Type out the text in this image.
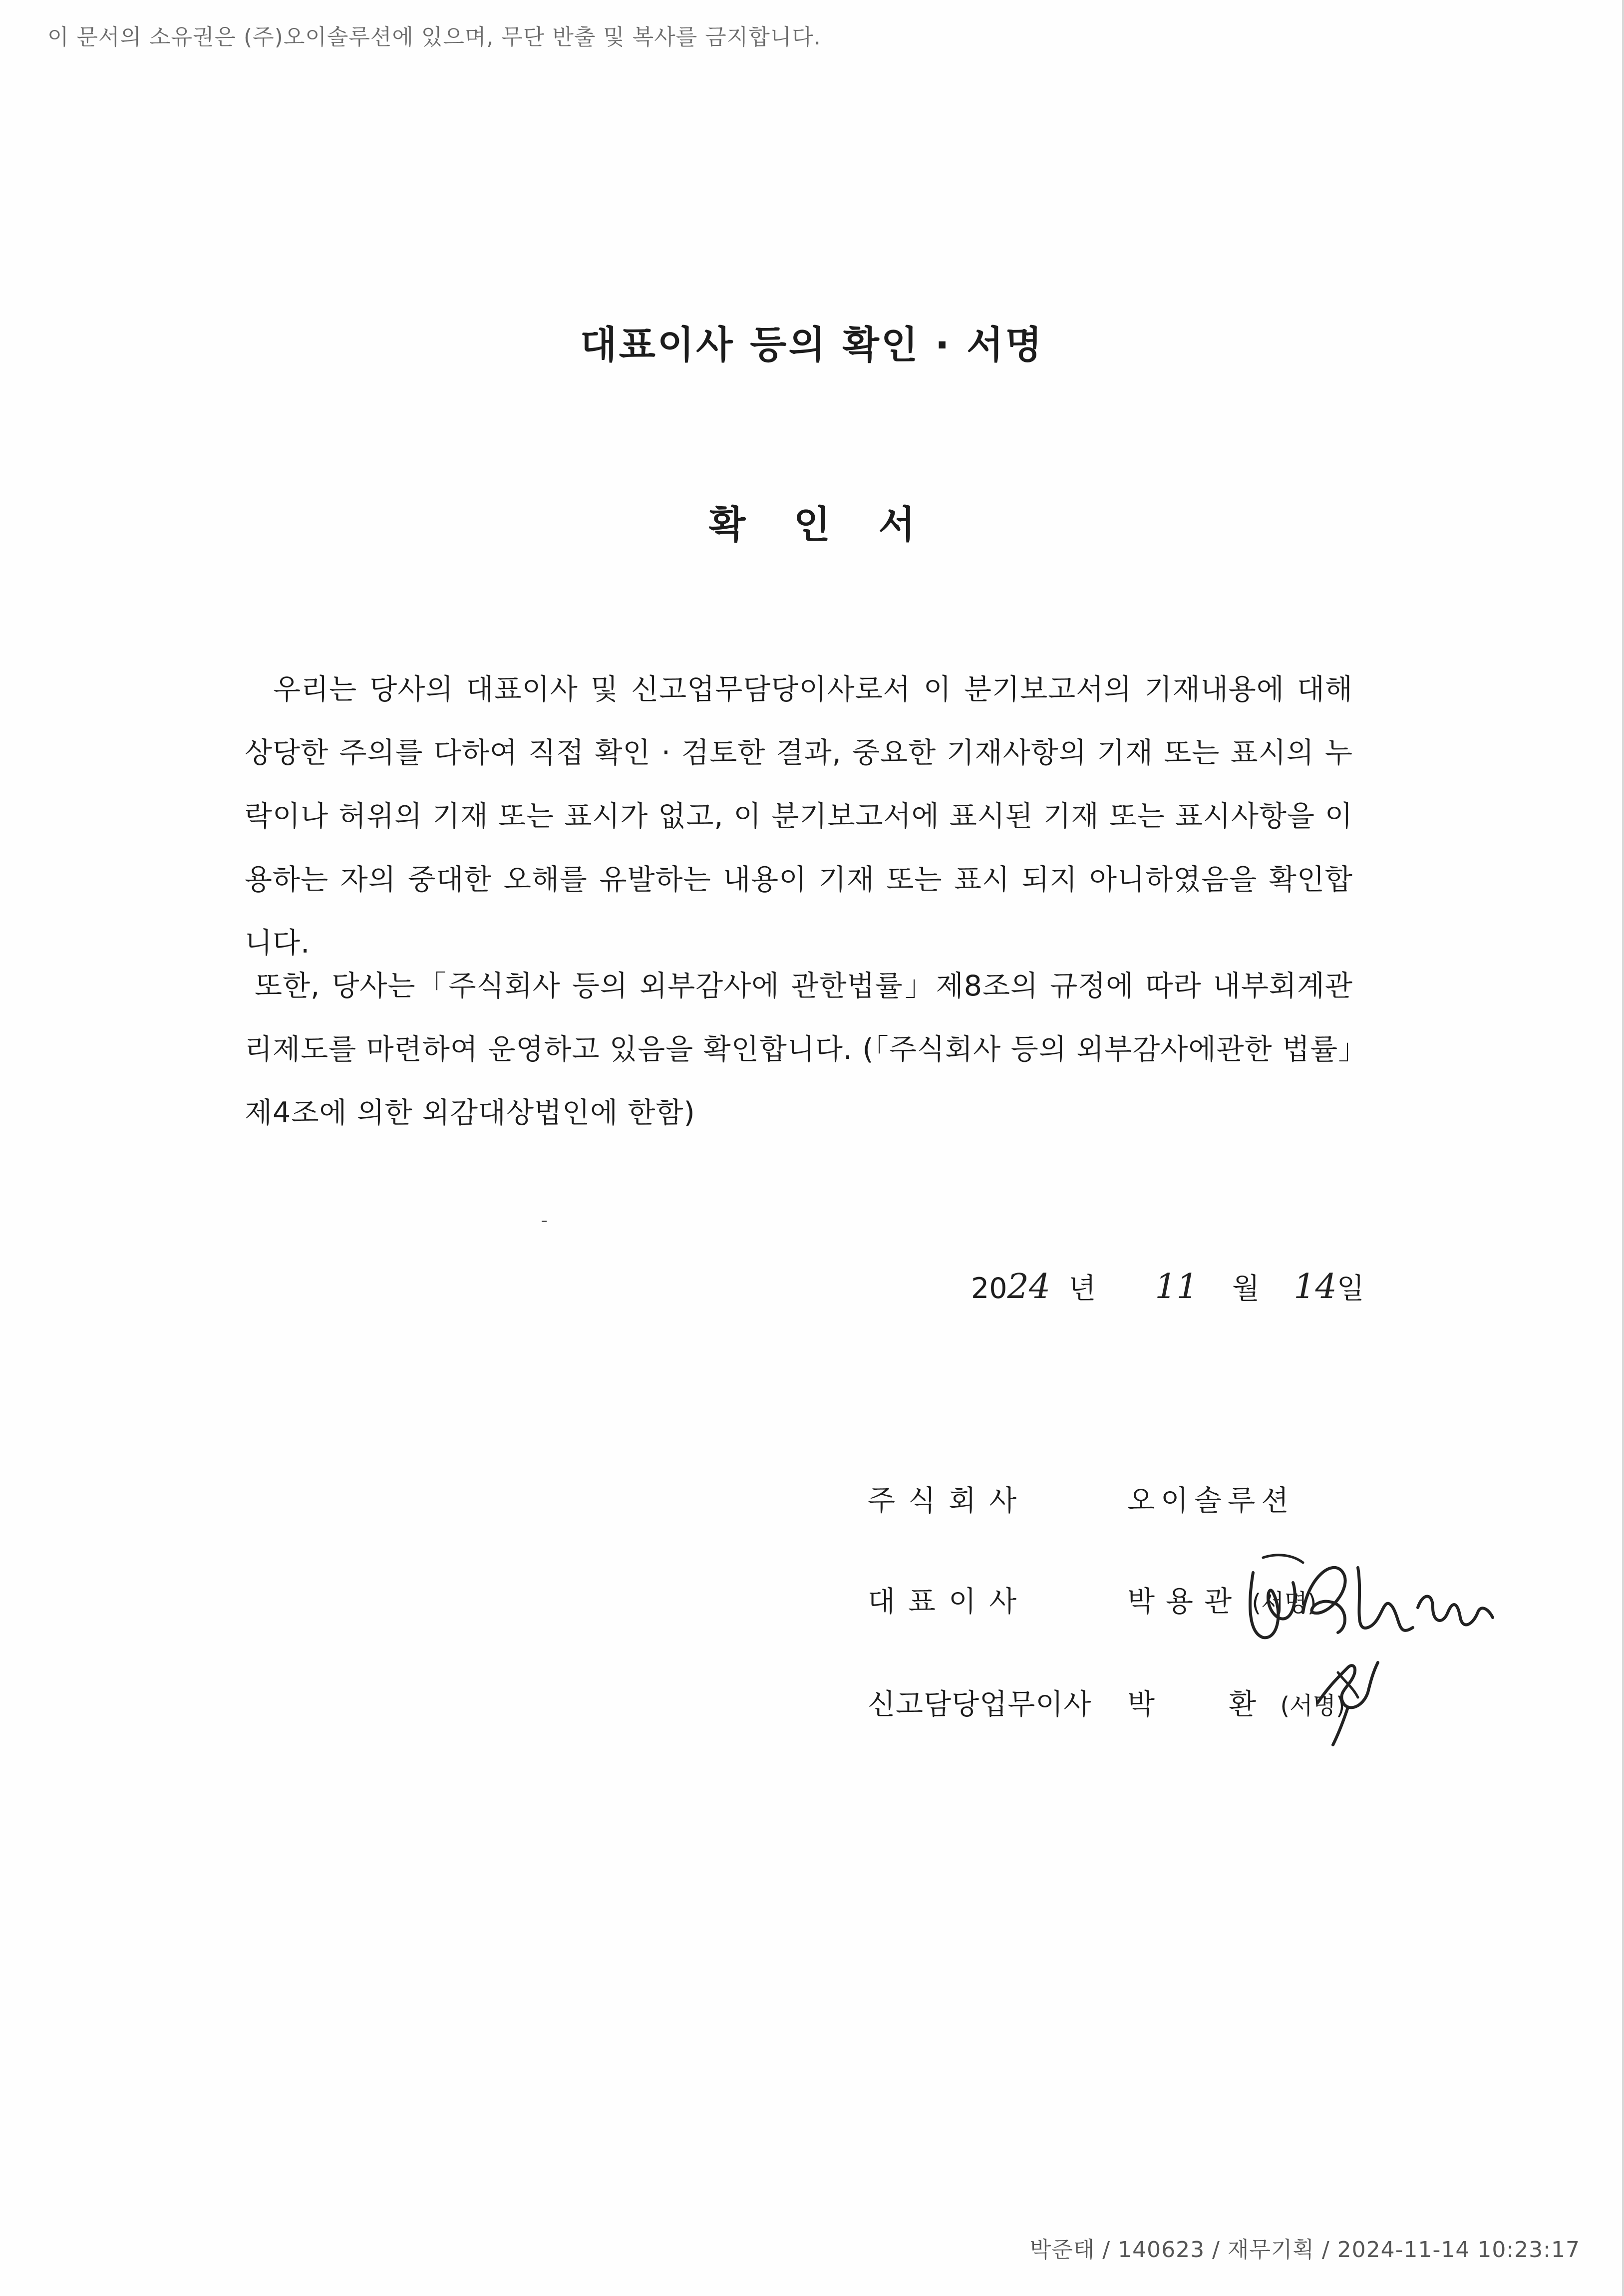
이 문서의 소유권은 (주)오이솔루션에 있으며, 무단 반출 및 복사를 금지합니다.
대표이사 등의 확인 · 서명
확 인 서

우리는 당사의 대표이사 및 신고업무담당이사로서 이 분기보고서의 기재내용에 대해 상당한 주의를 다하여 직접 확인 · 검토한 결과, 중요한 기재사항의 기재 또는 표시의 누락이나 허위의 기재 또는 표시가 없고, 이 분기보고서에 표시된 기재 또는 표시사항을 이용하는 자의 중대한 오해를 유발하는 내용이 기재 또는 표시 되지 아니하였음을 확인합니다.

또한, 당사는「주식회사 등의 외부감사에 관한법률」제8조의 규정에 따라 내부회계관리제도를 마련하여 운영하고 있음을 확인합니다. (「주식회사 등의 외부감사에관한 법률」제4조에 의한 외감대상법인에 한함)

2024 년 11 월 14일
주식회사	오이솔루션
대표이사	박용관 (서명)
신고담당업무이사 박 환 (서명)
박준태 / 140623 / 재무기획 / 2024-11-14 10:23:17
